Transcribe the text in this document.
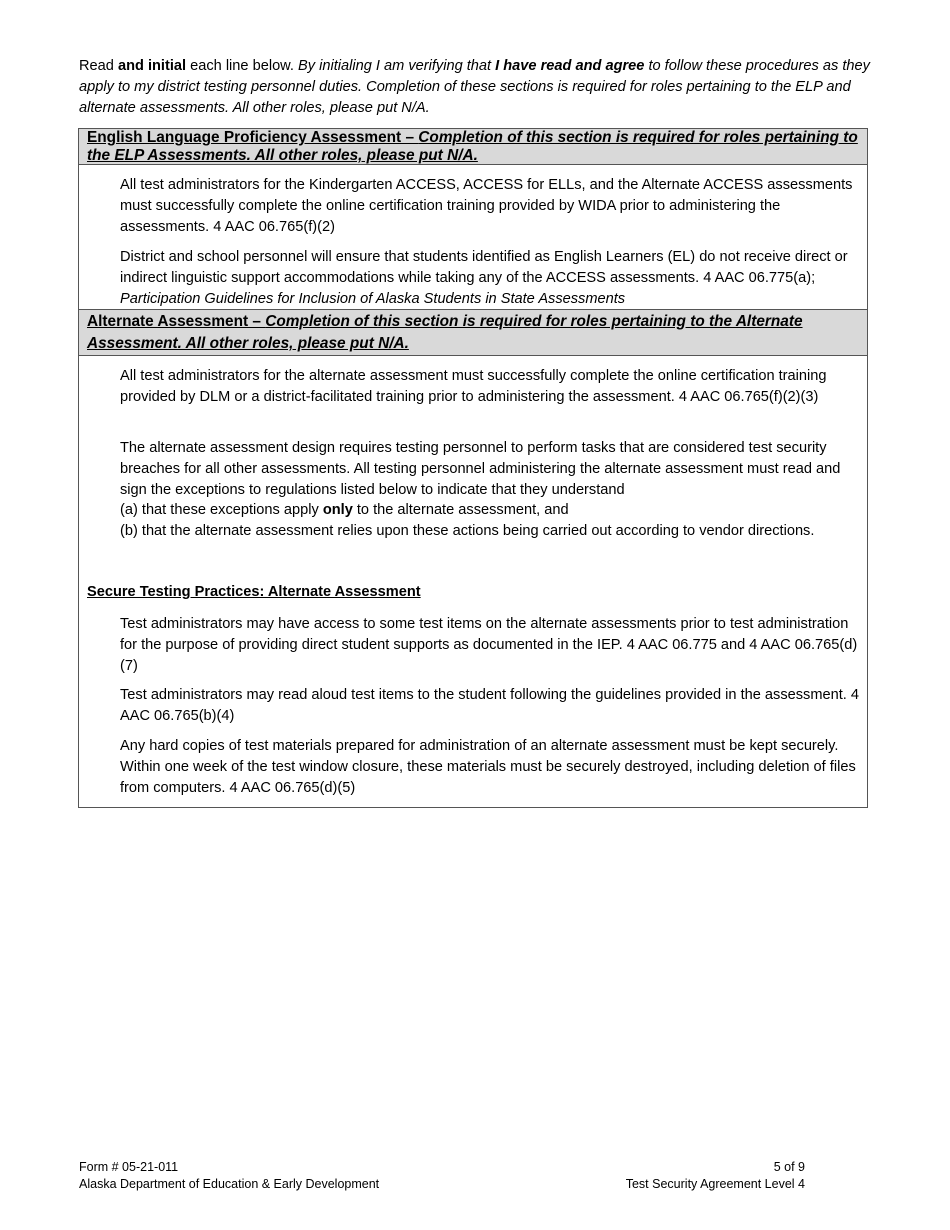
Read and initial each line below. By initialing I am verifying that I have read and agree to follow these procedures as they apply to my district testing personnel duties. Completion of these sections is required for roles pertaining to the ELP and alternate assessments. All other roles, please put N/A.
English Language Proficiency Assessment – Completion of this section is required for roles pertaining to the ELP Assessments. All other roles, please put N/A.
All test administrators for the Kindergarten ACCESS, ACCESS for ELLs, and the Alternate ACCESS assessments must successfully complete the online certification training provided by WIDA prior to administering the assessments. 4 AAC 06.765(f)(2)
District and school personnel will ensure that students identified as English Learners (EL) do not receive direct or indirect linguistic support accommodations while taking any of the ACCESS assessments. 4 AAC 06.775(a); Participation Guidelines for Inclusion of Alaska Students in State Assessments
Alternate Assessment – Completion of this section is required for roles pertaining to the Alternate Assessment. All other roles, please put N/A.
All test administrators for the alternate assessment must successfully complete the online certification training provided by DLM or a district-facilitated training prior to administering the assessment. 4 AAC 06.765(f)(2)(3)
The alternate assessment design requires testing personnel to perform tasks that are considered test security breaches for all other assessments. All testing personnel administering the alternate assessment must read and sign the exceptions to regulations listed below to indicate that they understand
(a) that these exceptions apply only to the alternate assessment, and
(b) that the alternate assessment relies upon these actions being carried out according to vendor directions.
Secure Testing Practices: Alternate Assessment
Test administrators may have access to some test items on the alternate assessments prior to test administration for the purpose of providing direct student supports as documented in the IEP. 4 AAC 06.775 and 4 AAC 06.765(d)(7)
Test administrators may read aloud test items to the student following the guidelines provided in the assessment. 4 AAC 06.765(b)(4)
Any hard copies of test materials prepared for administration of an alternate assessment must be kept securely. Within one week of the test window closure, these materials must be securely destroyed, including deletion of files from computers. 4 AAC 06.765(d)(5)
Form # 05-21-011
Alaska Department of Education & Early Development
5 of 9
Test Security Agreement Level 4
